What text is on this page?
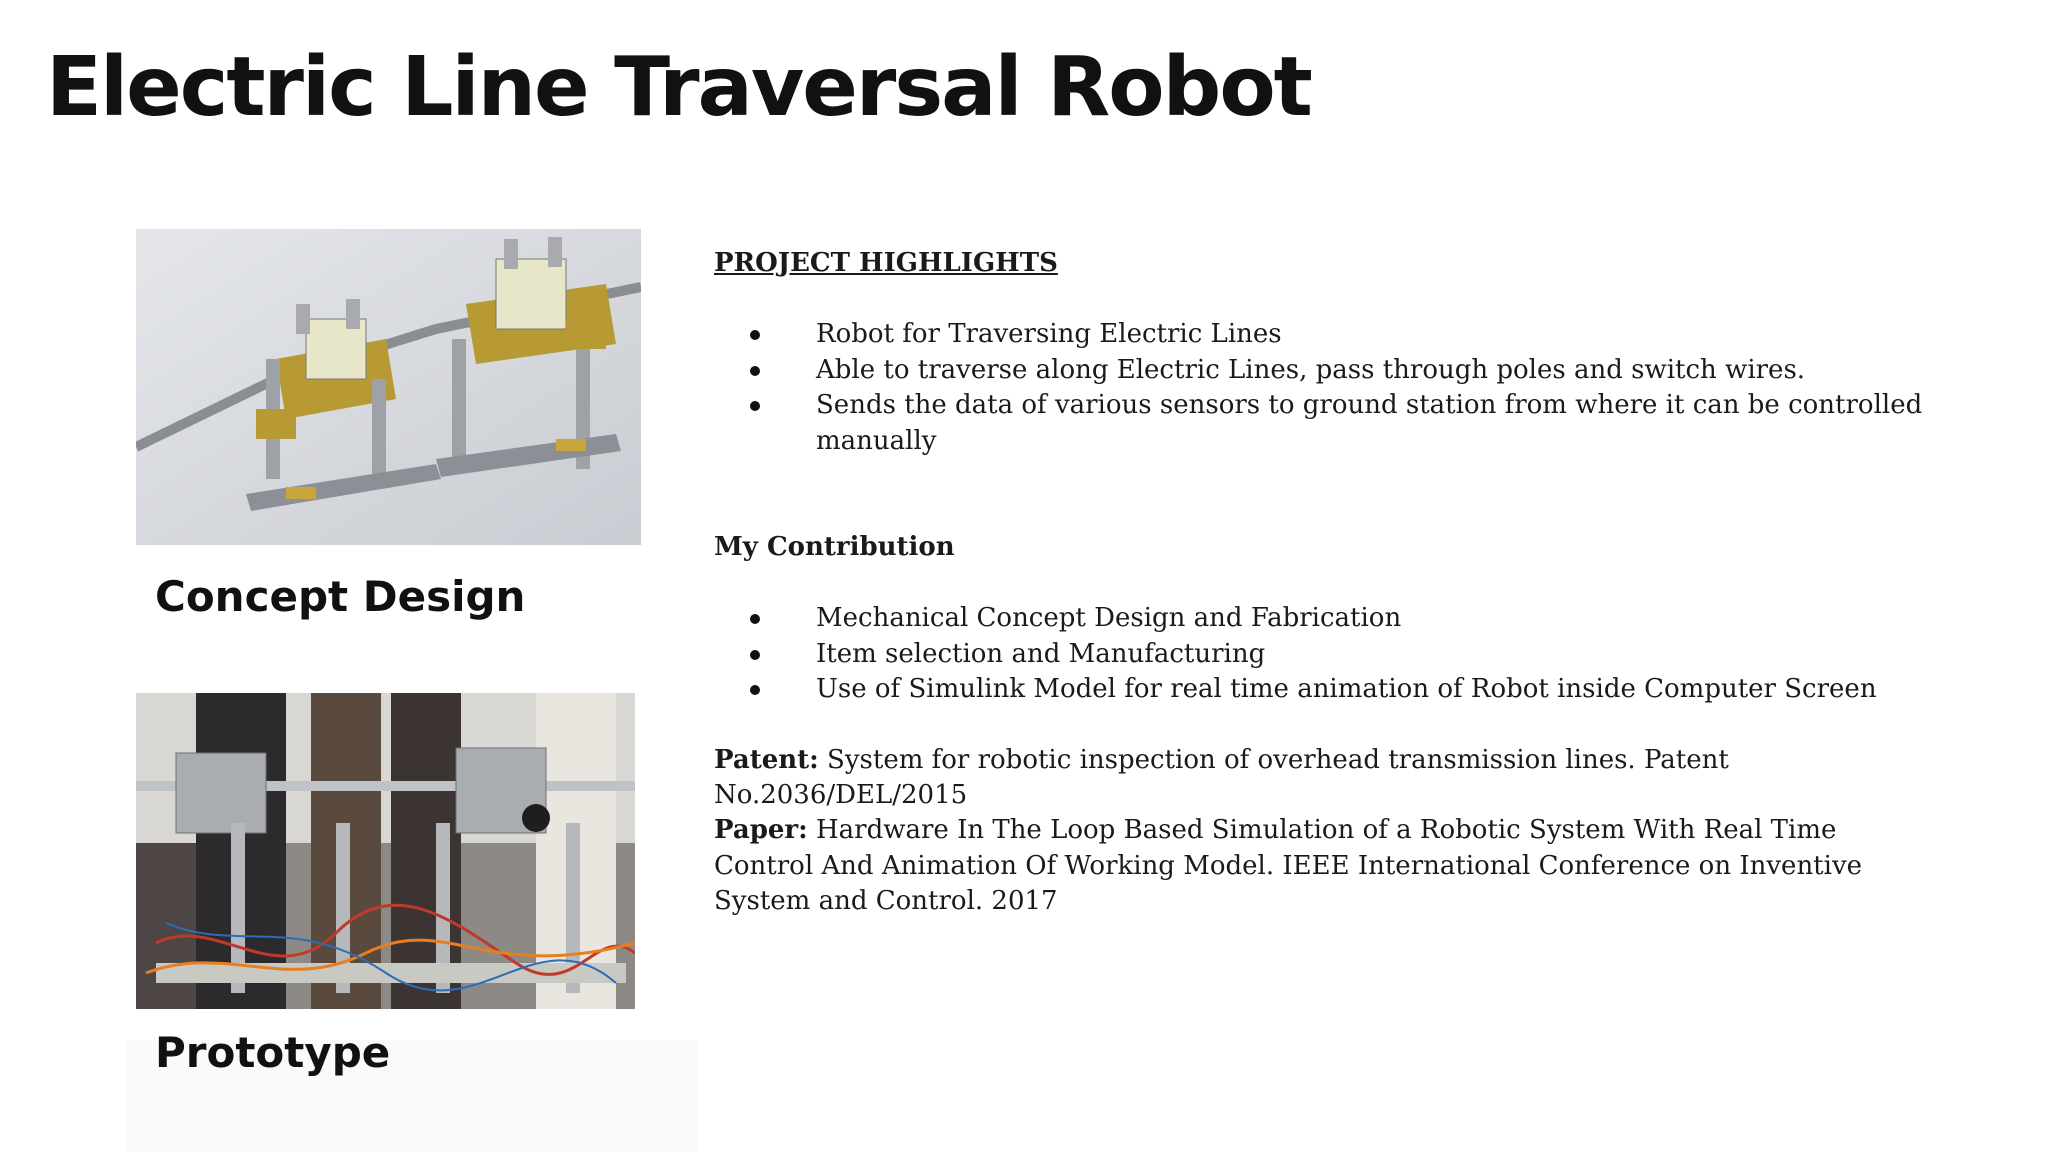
Electric Line Traversal Robot

Concept Design

Prototype

PROJECT HIGHLIGHTS

Robot for Traversing Electric Lines
Able to traverse along Electric Lines, pass through poles and switch wires.
Sends the data of various sensors to ground station from where it can be controlled manually

My Contribution

Mechanical Concept Design and Fabrication
Item selection and Manufacturing
Use of Simulink Model for real time animation of Robot inside Computer Screen

Patent: System for robotic inspection of overhead transmission lines. Patent No.2036/DEL/2015

Paper: Hardware In The Loop Based Simulation of a Robotic System With Real Time Control And Animation Of Working Model. IEEE International Conference on Inventive System and Control. 2017
